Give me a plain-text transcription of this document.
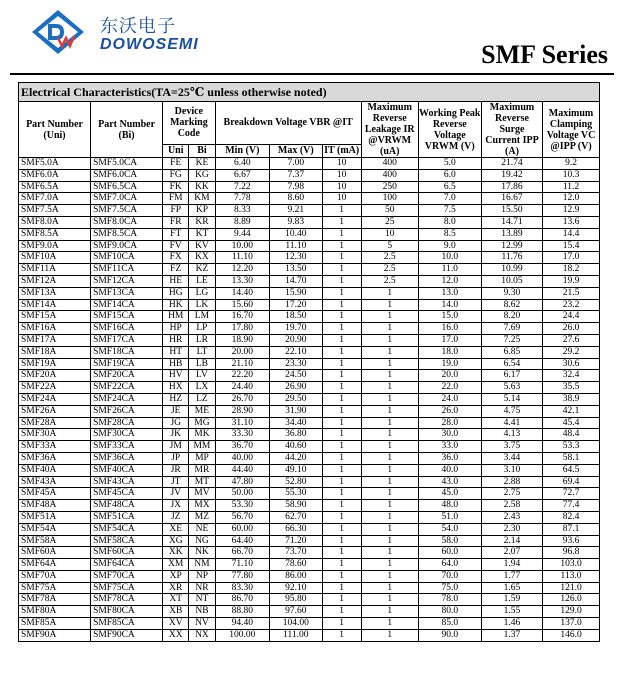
东沃电子
DOWOSEMI	SMF Series
Electrical Characteristics(TA=25℃ unless otherwise noted)										
Part Number (Uni)	Part Number (Bi)	Device Marking Code		Breakdown Voltage VBR @IT			Maximum Reverse Leakage IR @VRWM (uA)	Working Peak Reverse Voltage VRWM (V)	Maximum Reverse Surge Current IPP (A)	Maximum Clamping Voltage VC @IPP (V)
		Uni	Bi	Min (V)	Max (V)	IT (mA)				
SMF5.0A	SMF5.0CA	FE	KE	6.40	7.00	10	400	5.0	21.74	9.2
SMF6.0A	SMF6.0CA	FG	KG	6.67	7.37	10	400	6.0	19.42	10.3
SMF6.5A	SMF6.5CA	FK	KK	7.22	7.98	10	250	6.5	17.86	11.2
SMF7.0A	SMF7.0CA	FM	KM	7.78	8.60	10	100	7.0	16.67	12.0
SMF7.5A	SMF7.5CA	FP	KP	8.33	9.21	1	50	7.5	15.50	12.9
SMF8.0A	SMF8.0CA	FR	KR	8.89	9.83	1	25	8.0	14.71	13.6
SMF8.5A	SMF8.5CA	FT	KT	9.44	10.40	1	10	8.5	13.89	14.4
SMF9.0A	SMF9.0CA	FV	KV	10.00	11.10	1	5	9.0	12.99	15.4
SMF10A	SMF10CA	FX	KX	11.10	12.30	1	2.5	10.0	11.76	17.0
SMF11A	SMF11CA	FZ	KZ	12.20	13.50	1	2.5	11.0	10.99	18.2
SMF12A	SMF12CA	HE	LE	13.30	14.70	1	2.5	12.0	10.05	19.9
SMF13A	SMF13CA	HG	LG	14.40	15.90	1	1	13.0	9.30	21.5
SMF14A	SMF14CA	HK	LK	15.60	17.20	1	1	14.0	8.62	23.2
SMF15A	SMF15CA	HM	LM	16.70	18.50	1	1	15.0	8.20	24.4
SMF16A	SMF16CA	HP	LP	17.80	19.70	1	1	16.0	7.69	26.0
SMF17A	SMF17CA	HR	LR	18.90	20.90	1	1	17.0	7.25	27.6
SMF18A	SMF18CA	HT	LT	20.00	22.10	1	1	18.0	6.85	29.2
SMF19A	SMF19CA	HB	LB	21.10	23.30	1	1	19.0	6.54	30.6
SMF20A	SMF20CA	HV	LV	22.20	24.50	1	1	20.0	6.17	32.4
SMF22A	SMF22CA	HX	LX	24.40	26.90	1	1	22.0	5.63	35.5
SMF24A	SMF24CA	HZ	LZ	26.70	29.50	1	1	24.0	5.14	38.9
SMF26A	SMF26CA	JE	ME	28.90	31.90	1	1	26.0	4.75	42.1
SMF28A	SMF28CA	JG	MG	31.10	34.40	1	1	28.0	4.41	45.4
SMF30A	SMF30CA	JK	MK	33.30	36.80	1	1	30.0	4.13	48.4
SMF33A	SMF33CA	JM	MM	36.70	40.60	1	1	33.0	3.75	53.3
SMF36A	SMF36CA	JP	MP	40.00	44.20	1	1	36.0	3.44	58.1
SMF40A	SMF40CA	JR	MR	44.40	49.10	1	1	40.0	3.10	64.5
SMF43A	SMF43CA	JT	MT	47.80	52.80	1	1	43.0	2.88	69.4
SMF45A	SMF45CA	JV	MV	50.00	55.30	1	1	45.0	2.75	72.7
SMF48A	SMF48CA	JX	MX	53.30	58.90	1	1	48.0	2.58	77.4
SMF51A	SMF51CA	JZ	MZ	56.70	62.70	1	1	51.0	2.43	82.4
SMF54A	SMF54CA	XE	NE	60.00	66.30	1	1	54.0	2.30	87.1
SMF58A	SMF58CA	XG	NG	64.40	71.20	1	1	58.0	2.14	93.6
SMF60A	SMF60CA	XK	NK	66.70	73.70	1	1	60.0	2.07	96.8
SMF64A	SMF64CA	XM	NM	71.10	78.60	1	1	64.0	1.94	103.0
SMF70A	SMF70CA	XP	NP	77.80	86.00	1	1	70.0	1.77	113.0
SMF75A	SMF75CA	XR	NR	83.30	92.10	1	1	75.0	1.65	121.0
SMF78A	SMF78CA	XT	NT	86.70	95.80	1	1	78.0	1.59	126.0
SMF80A	SMF80CA	XB	NB	88.80	97.60	1	1	80.0	1.55	129.0
SMF85A	SMF85CA	XV	NV	94.40	104.00	1	1	85.0	1.46	137.0
SMF90A	SMF90CA	XX	NX	100.00	111.00	1	1	90.0	1.37	146.0
